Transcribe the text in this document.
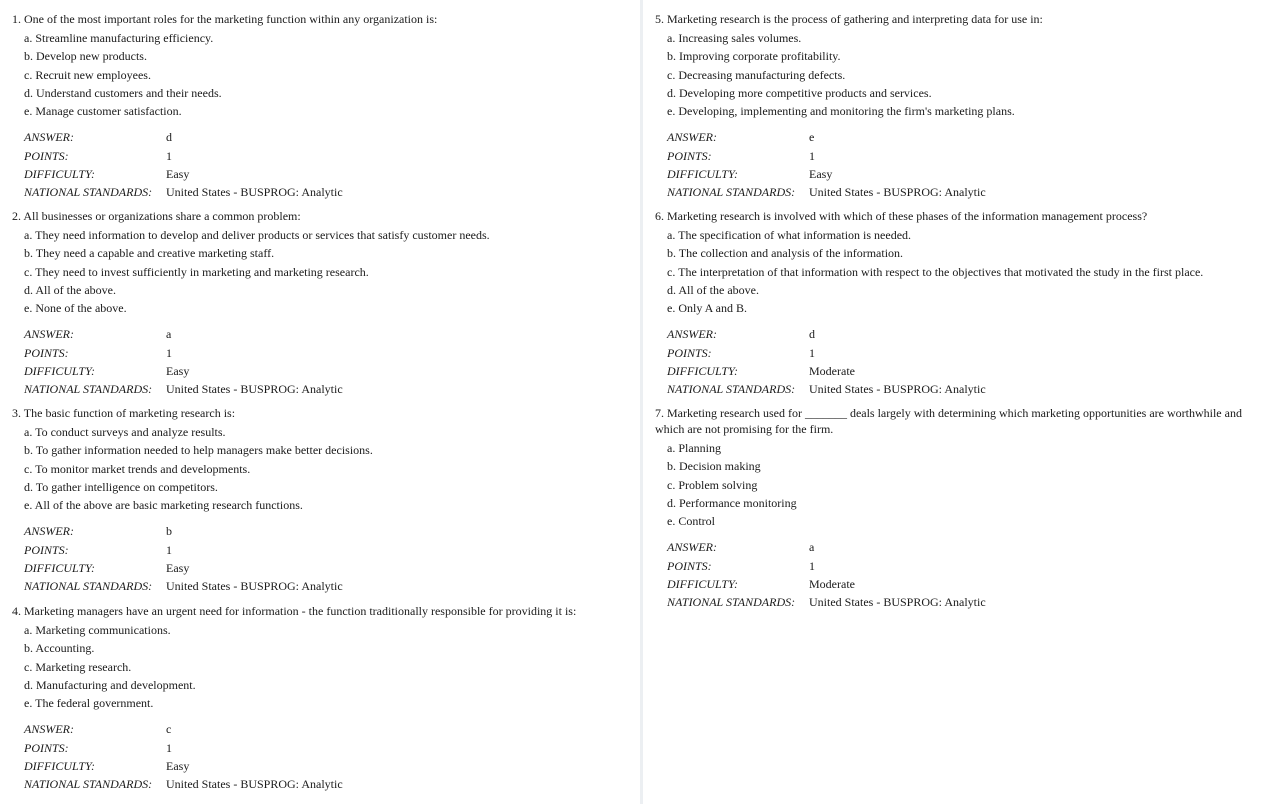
1. One of the most important roles for the marketing function within any organization is:
a. Streamline manufacturing efficiency.
b. Develop new products.
c. Recruit new employees.
d. Understand customers and their needs.
e. Manage customer satisfaction.
ANSWER:	d
POINTS:	1
DIFFICULTY:	Easy
NATIONAL STANDARDS:	United States - BUSPROG: Analytic
2. All businesses or organizations share a common problem:
a. They need information to develop and deliver products or services that satisfy customer needs.
b. They need a capable and creative marketing staff.
c. They need to invest sufficiently in marketing and marketing research.
d. All of the above.
e. None of the above.
ANSWER:	a
POINTS:	1
DIFFICULTY:	Easy
NATIONAL STANDARDS:	United States - BUSPROG: Analytic
3. The basic function of marketing research is:
a. To conduct surveys and analyze results.
b. To gather information needed to help managers make better decisions.
c. To monitor market trends and developments.
d. To gather intelligence on competitors.
e. All of the above are basic marketing research functions.
ANSWER:	b
POINTS:	1
DIFFICULTY:	Easy
NATIONAL STANDARDS:	United States - BUSPROG: Analytic
4. Marketing managers have an urgent need for information - the function traditionally responsible for providing it is:
a. Marketing communications.
b. Accounting.
c. Marketing research.
d. Manufacturing and development.
e. The federal government.
ANSWER:	c
POINTS:	1
DIFFICULTY:	Easy
NATIONAL STANDARDS:	United States - BUSPROG: Analytic
5. Marketing research is the process of gathering and interpreting data for use in:
a. Increasing sales volumes.
b. Improving corporate profitability.
c. Decreasing manufacturing defects.
d. Developing more competitive products and services.
e. Developing, implementing and monitoring the firm's marketing plans.
ANSWER:	e
POINTS:	1
DIFFICULTY:	Easy
NATIONAL STANDARDS:	United States - BUSPROG: Analytic
6. Marketing research is involved with which of these phases of the information management process?
a. The specification of what information is needed.
b. The collection and analysis of the information.
c. The interpretation of that information with respect to the objectives that motivated the study in the first place.
d. All of the above.
e. Only A and B.
ANSWER:	d
POINTS:	1
DIFFICULTY:	Moderate
NATIONAL STANDARDS:	United States - BUSPROG: Analytic
7. Marketing research used for _______ deals largely with determining which marketing opportunities are worthwhile and which are not promising for the firm.
a. Planning
b. Decision making
c. Problem solving
d. Performance monitoring
e. Control
ANSWER:	a
POINTS:	1
DIFFICULTY:	Moderate
NATIONAL STANDARDS:	United States - BUSPROG: Analytic
